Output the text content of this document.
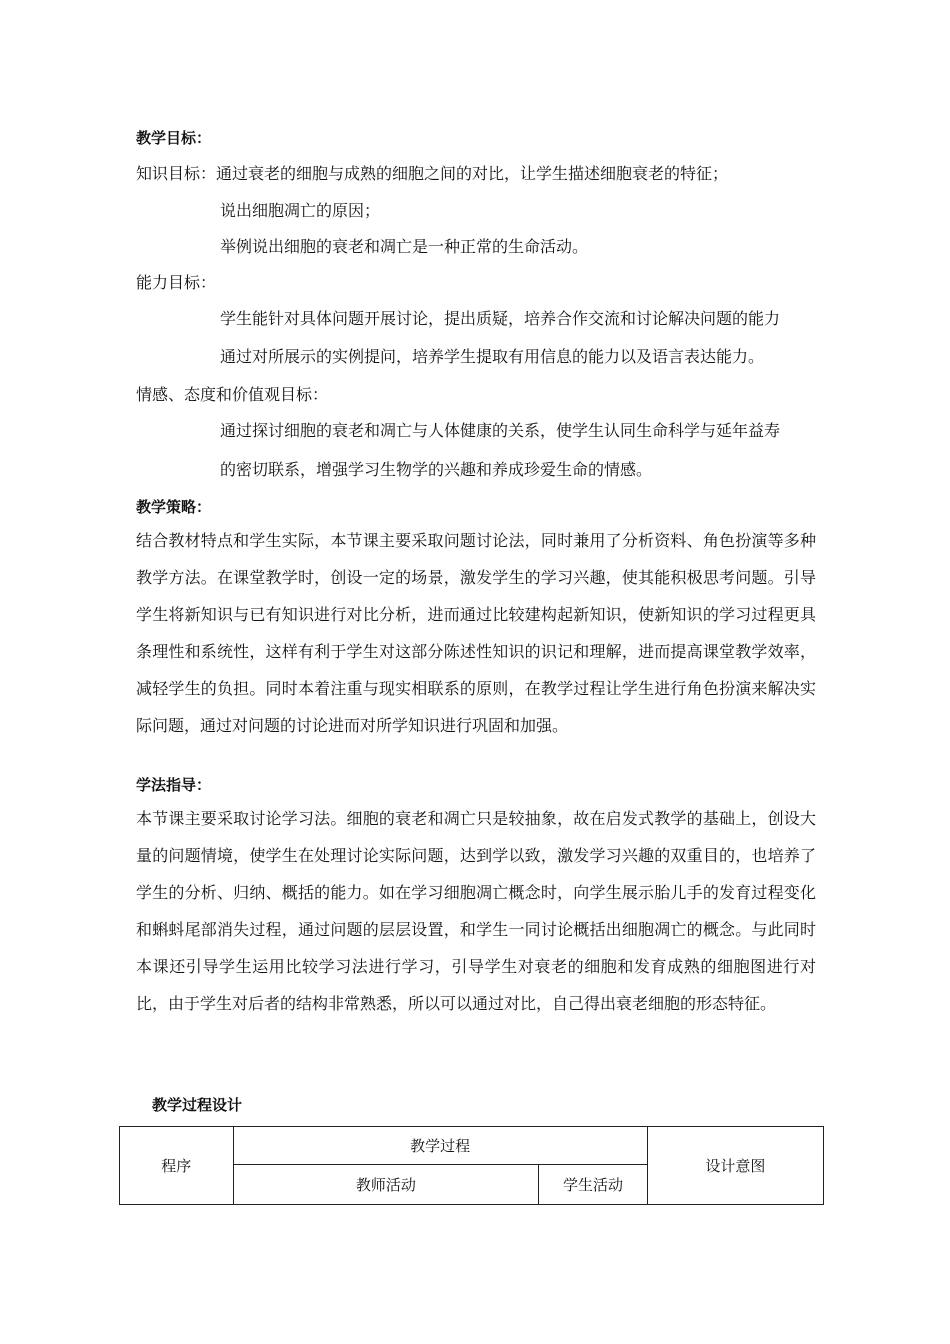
教学目标：
知识目标： 通过衰老的细胞与成熟的细胞之间的对比，让学生描述细胞衰老的特征；
说出细胞凋亡的原因；
举例说出细胞的衰老和凋亡是一种正常的生命活动。
能力目标：
学生能针对具体问题开展讨论，提出质疑，培养合作交流和讨论解决问题的能力
通过对所展示的实例提问，培养学生提取有用信息的能力以及语言表达能力。
情感、态度和价值观目标：
通过探讨细胞的衰老和凋亡与人体健康的关系，使学生认同生命科学与延年益寿
的密切联系，增强学习生物学的兴趣和养成珍爱生命的情感。
教学策略：
结合教材特点和学生实际，本节课主要采取问题讨论法，同时兼用了分析资料、角色扮演等多种教学方法。在课堂教学时，创设一定的场景，激发学生的学习兴趣，使其能积极思考问题。引导学生将新知识与已有知识进行对比分析，进而通过比较建构起新知识，使新知识的学习过程更具条理性和系统性，这样有利于学生对这部分陈述性知识的识记和理解，进而提高课堂教学效率，减轻学生的负担。同时本着注重与现实相联系的原则，在教学过程让学生进行角色扮演来解决实际问题，通过对问题的讨论进而对所学知识进行巩固和加强。
学法指导：
本节课主要采取讨论学习法。细胞的衰老和凋亡只是较抽象，故在启发式教学的基础上，创设大量的问题情境，使学生在处理讨论实际问题，达到学以致，激发学习兴趣的双重目的，也培养了学生的分析、归纳、概括的能力。如在学习细胞凋亡概念时，向学生展示胎儿手的发育过程变化和蝌蚪尾部消失过程，通过问题的层层设置，和学生一同讨论概括出细胞凋亡的概念。与此同时本课还引导学生运用比较学习法进行学习，引导学生对衰老的细胞和发育成熟的细胞图进行对比，由于学生对后者的结构非常熟悉，所以可以通过对比，自己得出衰老细胞的形态特征。
教学过程设计
程序	教学过程		设计意图
	教师活动	学生活动	
